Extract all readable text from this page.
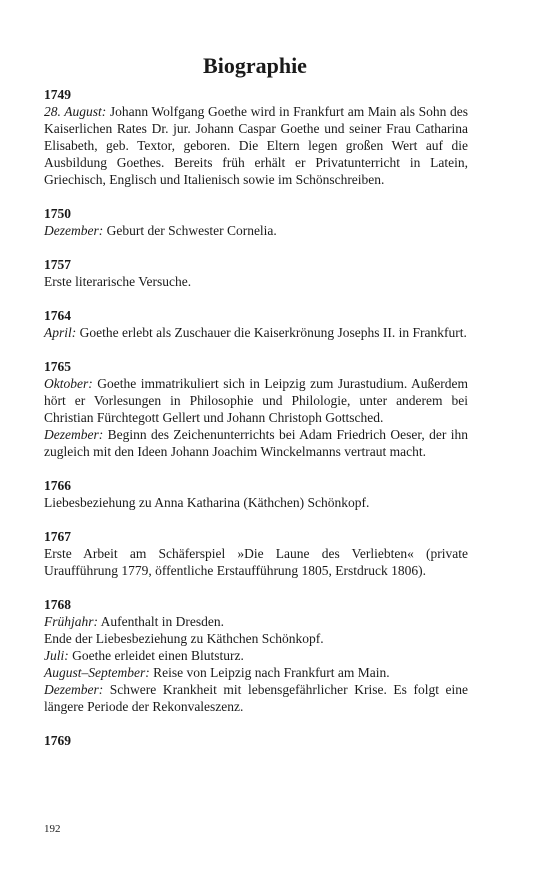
Biographie

1749

28. August: Johann Wolfgang Goethe wird in Frankfurt am Main als Sohn des Kaiserlichen Rates Dr. jur. Johann Caspar Goethe und seiner Frau Catharina Elisabeth, geb. Textor, geboren. Die Eltern legen großen Wert auf die Ausbildung Goethes. Bereits früh erhält er Privatunterricht in Latein, Griechisch, Englisch und Italienisch sowie im Schönschreiben.

1750

Dezember: Geburt der Schwester Cornelia.

1757

Erste literarische Versuche.

1764

April: Goethe erlebt als Zuschauer die Kaiserkrönung Josephs II. in Frankfurt.

1765

Oktober: Goethe immatrikuliert sich in Leipzig zum Jurastudium. Außerdem hört er Vorlesungen in Philosophie und Philologie, unter anderem bei Christian Fürchtegott Gellert und Johann Christoph Gottsched.

Dezember: Beginn des Zeichenunterrichts bei Adam Friedrich Oeser, der ihn zugleich mit den Ideen Johann Joachim Winckelmanns vertraut macht.

1766

Liebesbeziehung zu Anna Katharina (Käthchen) Schönkopf.

1767

Erste Arbeit am Schäferspiel »Die Laune des Verliebten« (private Uraufführung 1779, öffentliche Erstaufführung 1805, Erstdruck 1806).

1768

Frühjahr: Aufenthalt in Dresden.

Ende der Liebesbeziehung zu Käthchen Schönkopf.

Juli: Goethe erleidet einen Blutsturz.

August–September: Reise von Leipzig nach Frankfurt am Main.

Dezember: Schwere Krankheit mit lebensgefährlicher Krise. Es folgt eine längere Periode der Rekonvaleszenz.

1769

192
